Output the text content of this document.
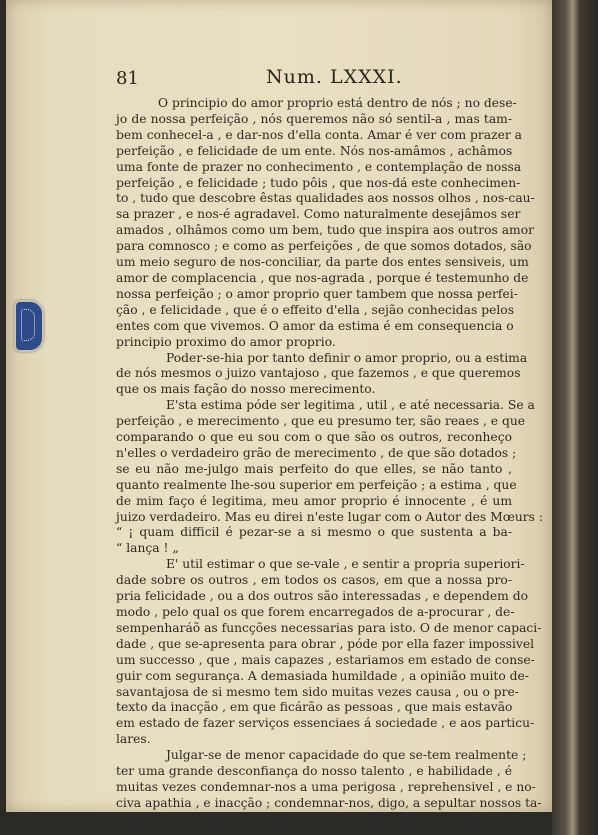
81	Num. LXXXI.
O principio do amor proprio está dentro de nós ; no dese-
jo de nossa perfeição , nós queremos não só sentil-a , mas tam-
bem conhecel-a , e dar-nos d'ella conta. Amar é ver com prazer a
perfeição , e felicidade de um ente. Nós nos-amâmos , achâmos
uma fonte de prazer no conhecimento , e contemplação de nossa
perfeição , e felicidade ; tudo pôis , que nos-dá este conhecimen-
to , tudo que descobre êstas qualidades aos nossos olhos , nos-cau-
sa prazer , e nos-é agradavel. Como naturalmente desejâmos ser
amados , olhâmos como um bem, tudo que inspira aos outros amor
para comnosco ; e como as perfeições , de que somos dotados, são
um meio seguro de nos-conciliar, da parte dos entes sensiveis, um
amor de complacencia , que nos-agrada , porque é testemunho de
nossa perfeição ; o amor proprio quer tambem que nossa perfei-
ção , e felicidade , que é o effeito d'ella , sejão conhecidas pelos
entes com que vivemos. O amor da estima é em consequencia o
principio proximo do amor proprio.
Poder-se-hia por tanto definir o amor proprio, ou a estima
de nós mesmos o juizo vantajoso , que fazemos , e que queremos
que os mais fação do nosso merecimento.
E'sta estima póde ser legitima , util , e até necessaria. Se a
perfeição , e merecimento , que eu presumo ter, são reaes , e que
comparando o que eu sou com o que são os outros, reconheço
n'elles o verdadeiro grão de merecimento , de que são dotados ;
se eu não me-julgo mais perfeito do que elles, se não tanto ,
quanto realmente lhe-sou superior em perfeição ; a estima , que
de mim faço é legitima, meu amor proprio é innocente , é um
juizo verdadeiro. Mas eu direi n'este lugar com o Autor des Mœurs :
“ ¡ quam difficil é pezar-se a si mesmo o que sustenta a ba-
“ lança ! „
E' util estimar o que se-vale , e sentir a propria superiori-
dade sobre os outros , em todos os casos, em que a nossa pro-
pria felicidade , ou a dos outros são interessadas , e dependem do
modo , pelo qual os que forem encarregados de a-procurar , de-
sempenharáõ as funcções necessarias para isto. O de menor capaci-
dade , que se-apresenta para obrar , póde por ella fazer impossivel
um successo , que , mais capazes , estariamos em estado de conse-
guir com segurança. A demasiada humildade , a opinião muito de-
savantajosa de si mesmo tem sido muitas vezes causa , ou o pre-
texto da inacção , em que ficárão as pessoas , que mais estavão
em estado de fazer serviços essenciaes á sociedade , e aos particu-
lares.
Julgar-se de menor capacidade do que se-tem realmente ;
ter uma grande desconfiança do nosso talento , e habilidade , é
muitas vezes condemnar-nos a uma perigosa , reprehensivel , e no-
civa apathia , e inacção ; condemnar-nos, digo, a sepultar nossos ta-
